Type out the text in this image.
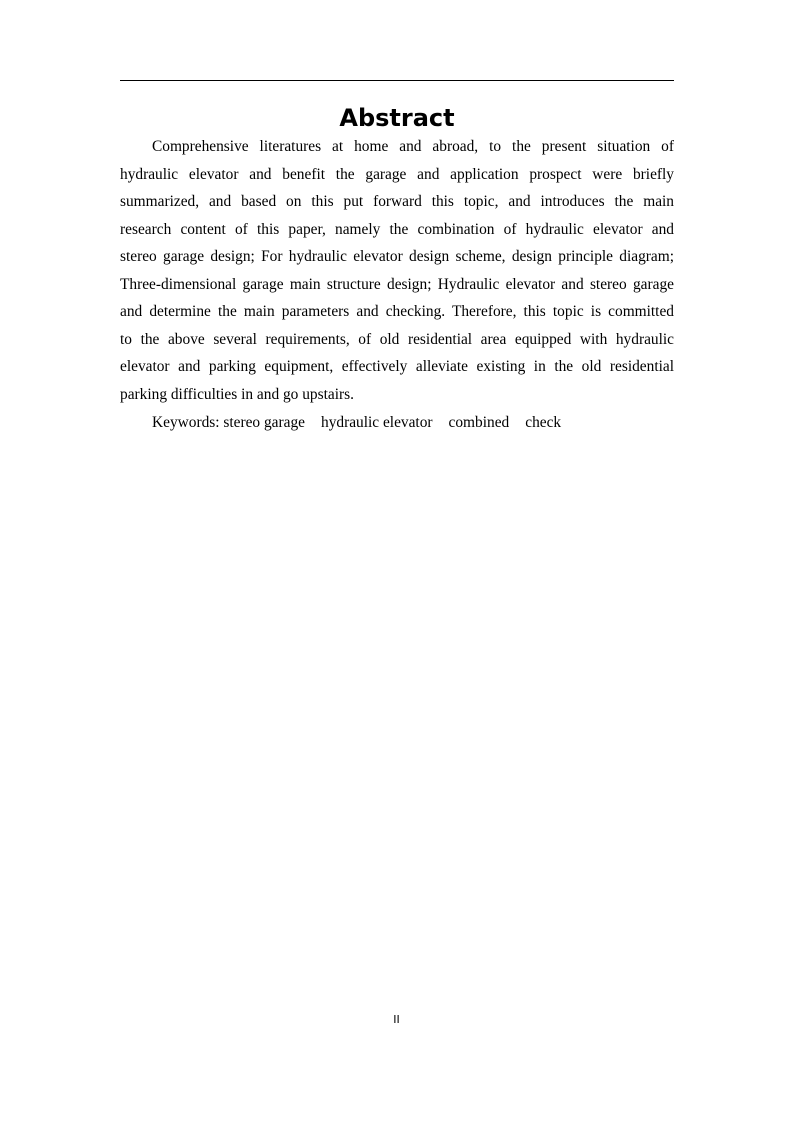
Abstract
Comprehensive literatures at home and abroad, to the present situation of
hydraulic elevator and benefit the garage and application prospect were briefly
summarized, and based on this put forward this topic, and introduces the main
research content of this paper, namely the combination of hydraulic elevator and
stereo garage design; For hydraulic elevator design scheme, design principle diagram;
Three-dimensional garage main structure design; Hydraulic elevator and stereo garage
and determine the main parameters and checking. Therefore, this topic is committed
to the above several requirements, of old residential area equipped with hydraulic
elevator and parking equipment, effectively alleviate existing in the old residential
parking difficulties in and go upstairs.

Keywords: stereo garage hydraulic elevator combined check

II
